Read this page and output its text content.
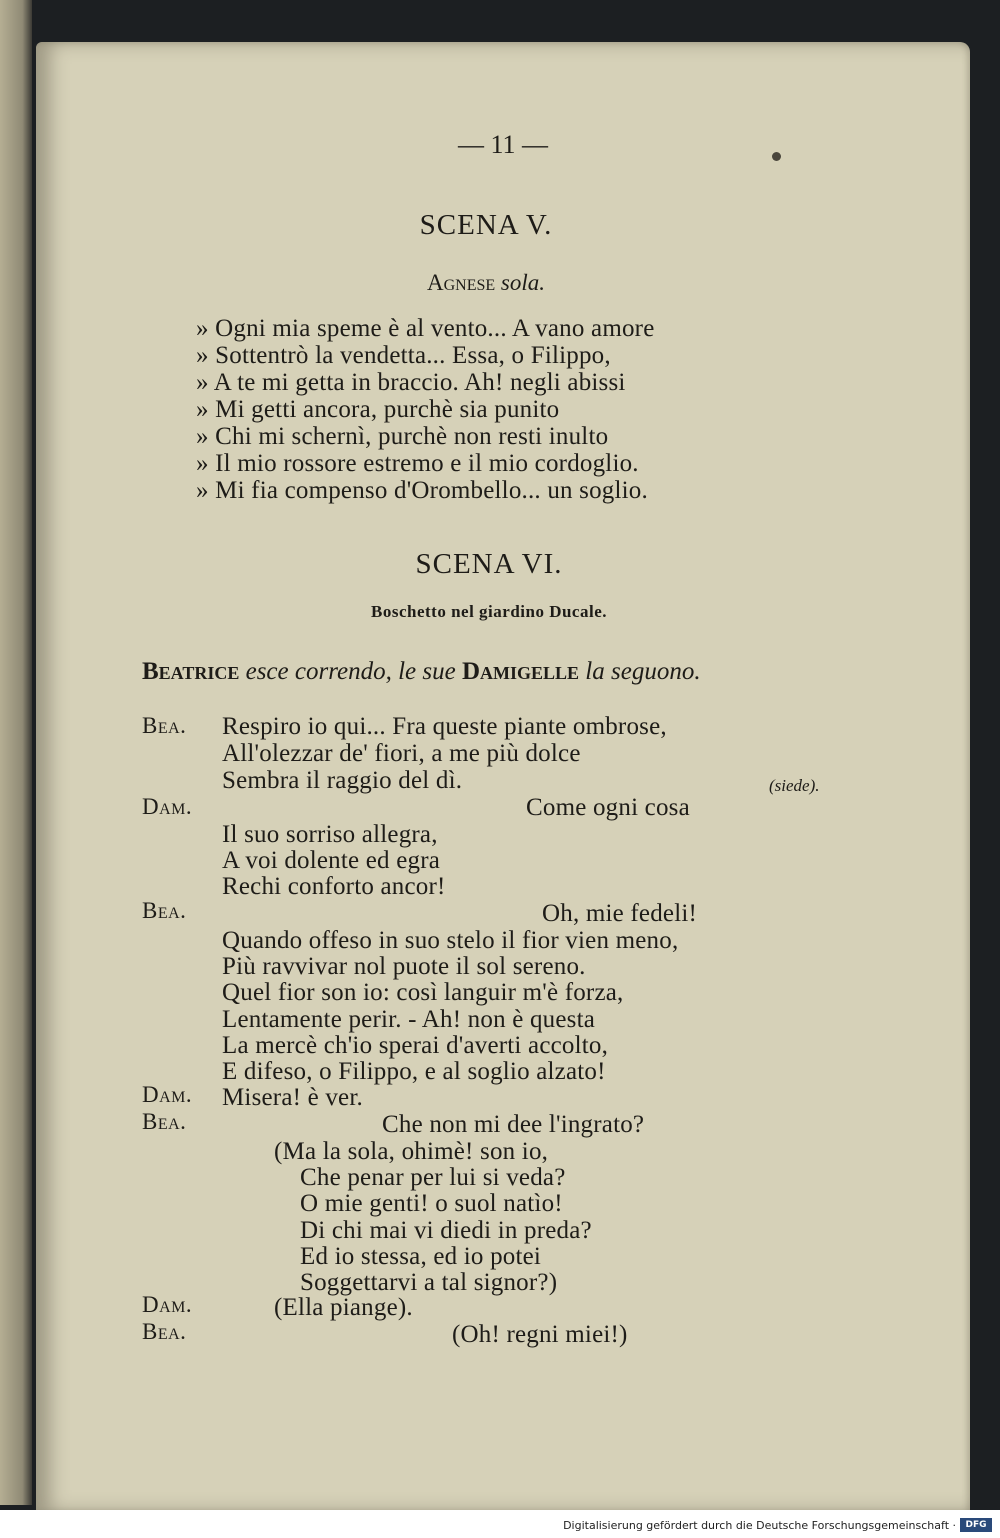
— 11 —
SCENA V.
Agnese sola.
» Ogni mia speme è al vento... A vano amore
» Sottentrò la vendetta... Essa, o Filippo,
» A te mi getta in braccio. Ah! negli abissi
» Mi getti ancora, purchè sia punito
» Chi mi schernì, purchè non resti inulto
» Il mio rossore estremo e il mio cordoglio.
» Mi fia compenso d'Orombello... un soglio.
SCENA VI.
Boschetto nel giardino Ducale.
Beatrice esce correndo, le sue Damigelle la seguono.
Bea.
Dam.
Bea.
Dam.
Bea.
Dam.
Bea.
Respiro io qui... Fra queste piante ombrose,
All'olezzar de' fiori, a me più dolce
Sembra il raggio del dì.	(siede).
Come ogni cosa
Il suo sorriso allegra,
A voi dolente ed egra
Rechi conforto ancor!
Oh, mie fedeli!
Quando offeso in suo stelo il fior vien meno,
Più ravvivar nol puote il sol sereno.
Quel fior son io: così languir m'è forza,
Lentamente perir. - Ah! non è questa
La mercè ch'io sperai d'averti accolto,
E difeso, o Filippo, e al soglio alzato!
Misera! è ver.
Che non mi dee l'ingrato?
(Ma la sola, ohimè! son io,
Che penar per lui si veda?
O mie genti! o suol natìo!
Di chi mai vi diedi in preda?
Ed io stessa, ed io potei
Soggettarvi a tal signor?)
(Ella piange).
(Oh! regni miei!)
Digitalisierung gefördert durch die Deutsche Forschungsgemeinschaft ·	DFG
